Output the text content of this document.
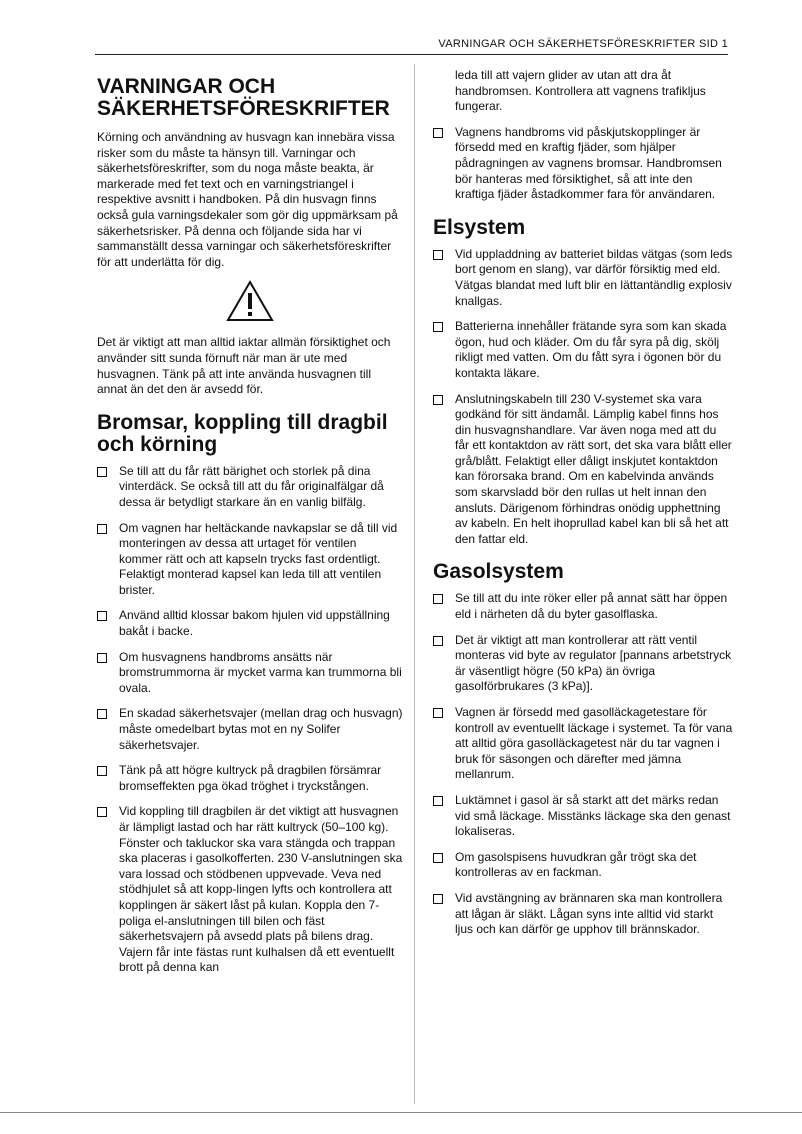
VARNINGAR OCH SÄKERHETSFÖRESKRIFTER SID 1
VARNINGAR OCH
SÄKERHETSFÖRESKRIFTER

Körning och användning av husvagn kan innebära vissa risker som du måste ta hänsyn till. Varningar och säkerhetsföreskrifter, som du noga måste beakta, är markerade med fet text och en varningstriangel i respektive avsnitt i handboken. På din husvagn finns också gula varningsdekaler som gör dig uppmärksam på säkerhetsrisker. På denna och följande sida har vi sammanställt dessa varningar och säkerhetsföreskrifter för att underlätta för dig.

Det är viktigt att man alltid iaktar allmän försiktighet och använder sitt sunda förnuft när man är ute med husvagnen. Tänk på att inte använda husvagnen till annat än det den är avsedd för.

Bromsar, koppling till dragbil
och körning
Se till att du får rätt bärighet och storlek på dina vinterdäck. Se också till att du får originalfälgar då dessa är betydligt starkare än en vanlig bilfälg.
Om vagnen har heltäckande navkapslar se då till vid monteringen av dessa att urtaget för ventilen kommer rätt och att kapseln trycks fast ordentligt. Felaktigt monterad kapsel kan leda till att ventilen brister.
Använd alltid klossar bakom hjulen vid uppställning bakåt i backe.
Om husvagnens handbroms ansätts när bromstrummorna är mycket varma kan trummorna bli ovala.
En skadad säkerhetsvajer (mellan drag och husvagn) måste omedelbart bytas mot en ny Solifer säkerhetsvajer.
Tänk på att högre kultryck på dragbilen försämrar bromseffekten pga ökad tröghet i tryckstången.
Vid koppling till dragbilen är det viktigt att husvagnen är lämpligt lastad och har rätt kultryck (50–100 kg). Fönster och takluckor ska vara stängda och trappan ska placeras i gasolkofferten. 230 V-anslutningen ska vara lossad och stödbenen uppvevade. Veva ned stödhjulet så att kopp-lingen lyfts och kontrollera att kopplingen är säkert låst på kulan. Koppla den 7-poliga el-anslutningen till bilen och fäst säkerhetsvajern på avsedd plats på bilens drag. Vajern får inte fästas runt kulhalsen då ett eventuellt brott på denna kan

leda till att vajern glider av utan att dra åt handbromsen. Kontrollera att vagnens trafikljus fungerar.

Vagnens handbroms vid påskjutskopplinger är försedd med en kraftig fjäder, som hjälper pådragningen av vagnens bromsar. Handbromsen bör hanteras med försiktighet, så att inte den kraftiga fjäder åstadkommer fara för användaren.
Elsystem
Vid uppladdning av batteriet bildas vätgas (som leds bort genom en slang), var därför försiktig med eld. Vätgas blandat med luft blir en lättantändlig explosiv knallgas.
Batterierna innehåller frätande syra som kan skada ögon, hud och kläder. Om du får syra på dig, skölj rikligt med vatten. Om du fått syra i ögonen bör du kontakta läkare.
Anslutningskabeln till 230 V-systemet ska vara godkänd för sitt ändamål. Lämplig kabel finns hos din husvagnshandlare. Var även noga med att du får ett kontaktdon av rätt sort, det ska vara blått eller grå/blått. Felaktigt eller dåligt inskjutet kontaktdon kan förorsaka brand. Om en kabelvinda används som skarvsladd bör den rullas ut helt innan den ansluts. Därigenom förhindras onödig upphettning av kabeln. En helt ihoprullad kabel kan bli så het att den fattar eld.
Gasolsystem
Se till att du inte röker eller på annat sätt har öppen eld i närheten då du byter gasolflaska.
Det är viktigt att man kontrollerar att rätt ventil monteras vid byte av regulator [pannans arbetstryck är väsentligt högre (50 kPa) än övriga gasolförbrukares (3 kPa)].
Vagnen är försedd med gasolläckagetestare för kontroll av eventuellt läckage i systemet. Ta för vana att alltid göra gasolläckagetest när du tar vagnen i bruk för säsongen och därefter med jämna mellanrum.
Luktämnet i gasol är så starkt att det märks redan vid små läckage. Misstänks läckage ska den genast lokaliseras.
Om gasolspisens huvudkran går trögt ska det kontrolleras av en fackman.
Vid avstängning av brännaren ska man kontrollera att lågan är släkt. Lågan syns inte alltid vid starkt ljus och kan därför ge upphov till brännskador.
